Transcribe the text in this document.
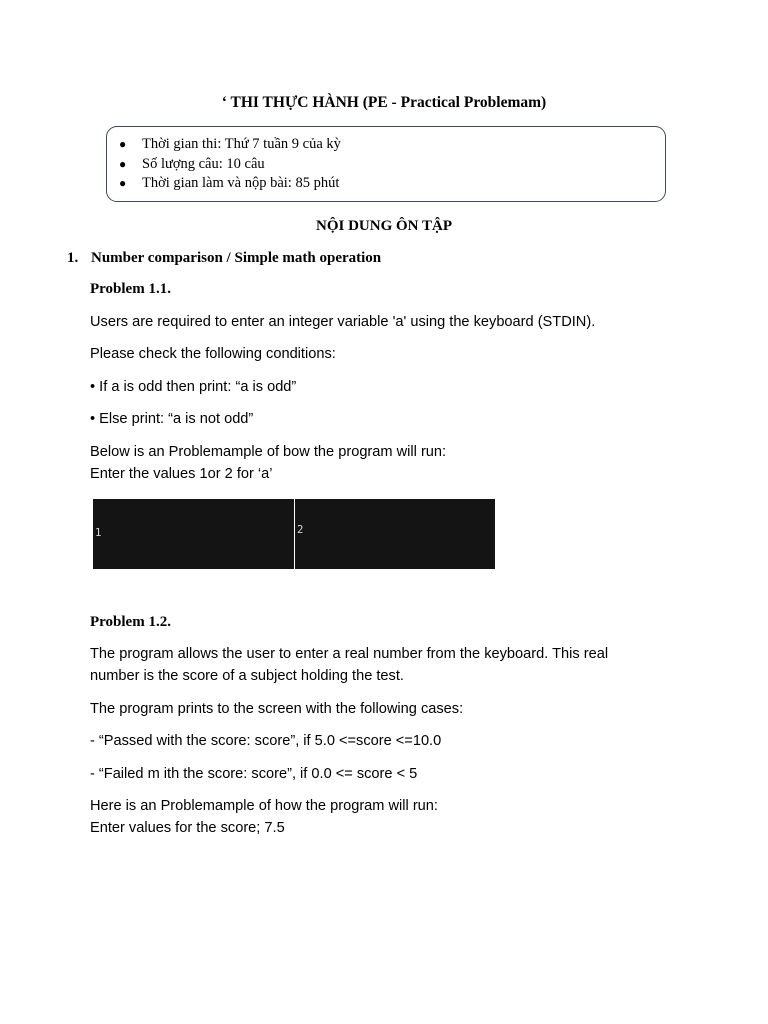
‘ THI THỰC HÀNH (PE - Practical Problemam)
● Thời gian thi: Thứ 7 tuần 9 của kỳ
● Số lượng câu: 10 câu
● Thời gian làm và nộp bài: 85 phút
NỘI DUNG ÔN TẬP
1. Number comparison / Simple math operation
Problem 1.1.
Users are required to enter an integer variable 'a' using the keyboard (STDIN).
Please check the following conditions:
• If a is odd then print: “a is odd”
• Else print: “a is not odd”
Below is an Problemample of bow the program will run:
Enter the values 1or 2 for ‘a’

1

	2

Problem 1.2.
The program allows the user to enter a real number from the keyboard. This real
number is the score of a subject holding the test.
The program prints to the screen with the following cases:
- “Passed with the score: score”, if 5.0 <=score <=10.0
- “Failed m ith the score: score”, if 0.0 <= score < 5
Here is an Problemample of how the program will run:
Enter values for the score; 7.5
